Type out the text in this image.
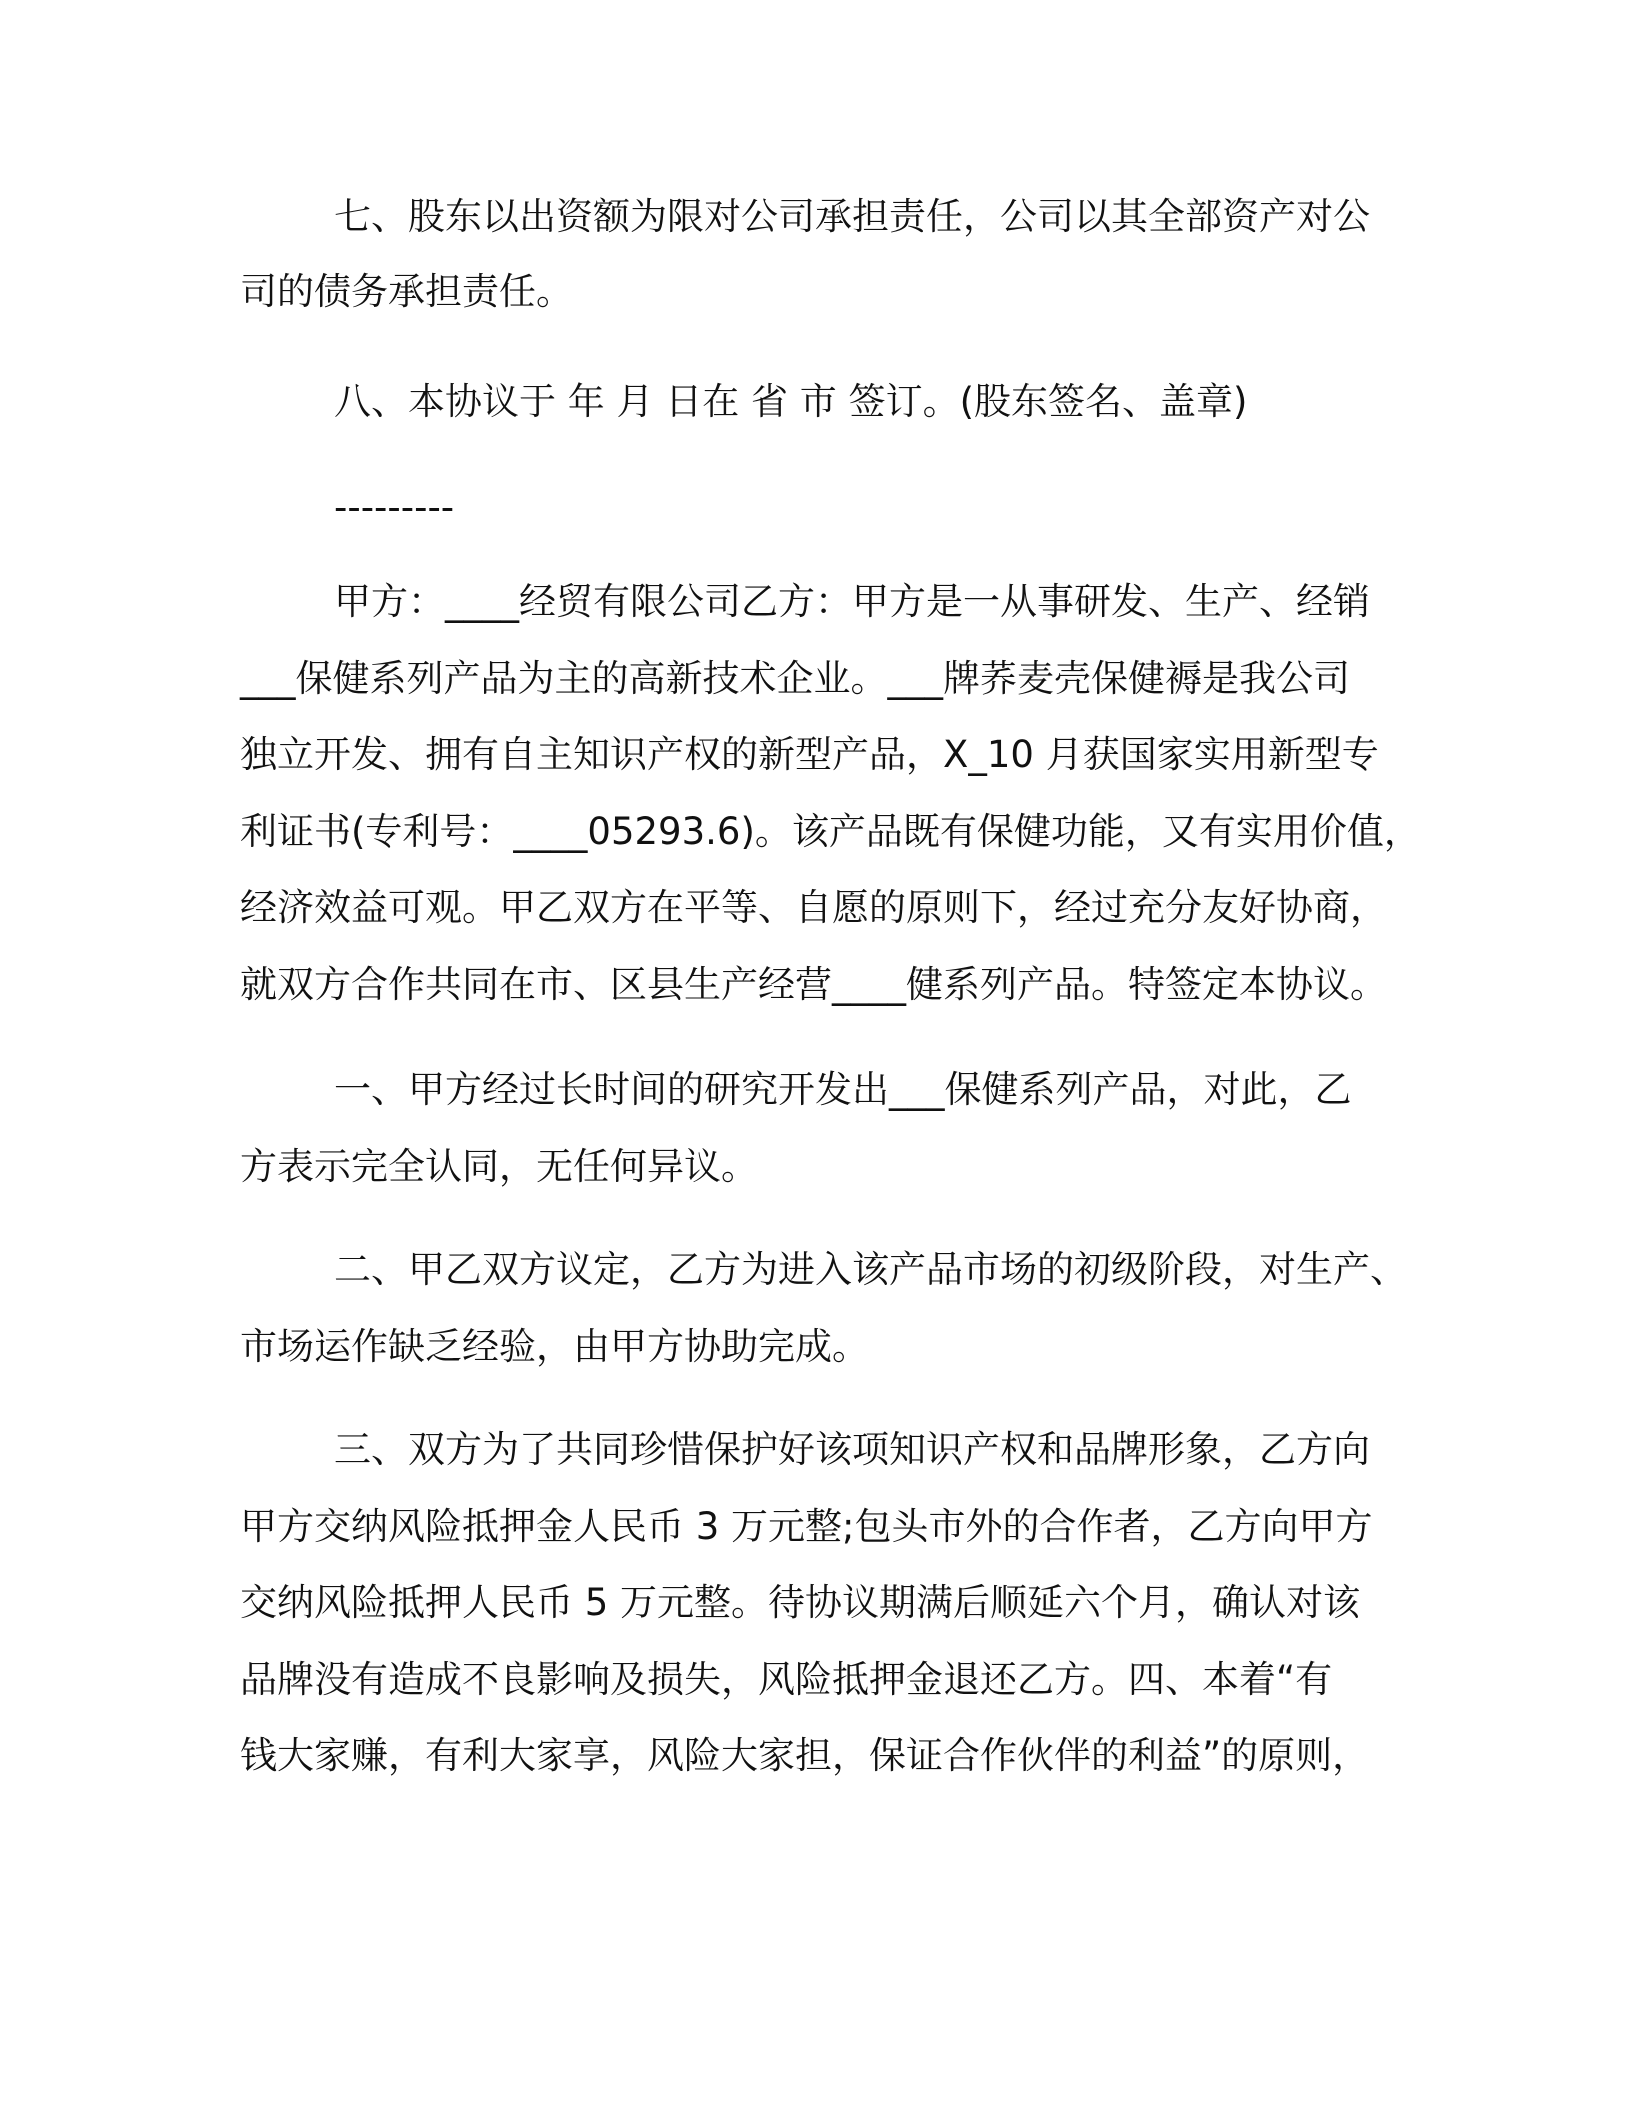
七、股东以出资额为限对公司承担责任，公司以其全部资产对公
司的债务承担责任。
八、本协议于 年 月 日在 省 市 签订。(股东签名、盖章)
---------
甲方：____经贸有限公司乙方：甲方是一从事研发、生产、经销
___保健系列产品为主的高新技术企业。___牌荞麦壳保健褥是我公司
独立开发、拥有自主知识产权的新型产品，X_10 月获国家实用新型专
利证书(专利号：____05293.6)。该产品既有保健功能，又有实用价值，
经济效益可观。甲乙双方在平等、自愿的原则下，经过充分友好协商，
就双方合作共同在市、区县生产经营____健系列产品。特签定本协议。
一、甲方经过长时间的研究开发出___保健系列产品，对此，乙
方表示完全认同，无任何异议。
二、甲乙双方议定，乙方为进入该产品市场的初级阶段，对生产、
市场运作缺乏经验，由甲方协助完成。
三、双方为了共同珍惜保护好该项知识产权和品牌形象，乙方向
甲方交纳风险抵押金人民币 3 万元整;包头市外的合作者，乙方向甲方
交纳风险抵押人民币 5 万元整。待协议期满后顺延六个月，确认对该
品牌没有造成不良影响及损失，风险抵押金退还乙方。四、本着“有
钱大家赚，有利大家享，风险大家担，保证合作伙伴的利益”的原则，
